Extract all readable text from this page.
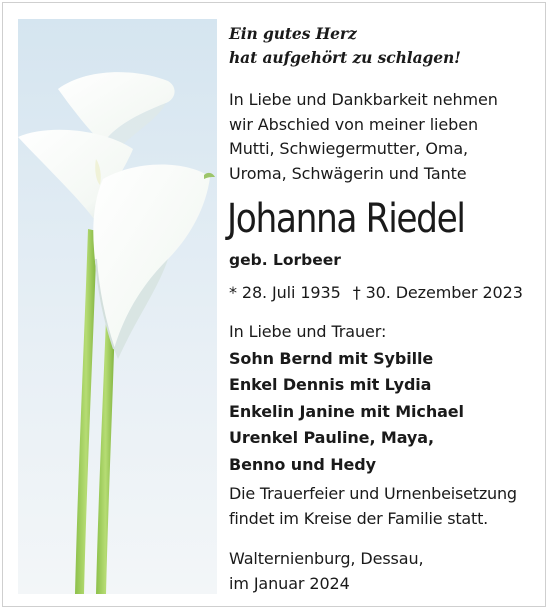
Ein gutes Herz
hat aufgehört zu schlagen!
In Liebe und Dankbarkeit nehmen
wir Abschied von meiner lieben
Mutti, Schwiegermutter, Oma,
Uroma, Schwägerin und Tante
Johanna Riedel
geb. Lorbeer
* 28. Juli 1935 † 30. Dezember 2023
In Liebe und Trauer:
Sohn Bernd mit Sybille
Enkel Dennis mit Lydia
Enkelin Janine mit Michael
Urenkel Pauline, Maya,
Benno und Hedy
Die Trauerfeier und Urnenbeisetzung
findet im Kreise der Familie statt.
Walternienburg, Dessau,
im Januar 2024
